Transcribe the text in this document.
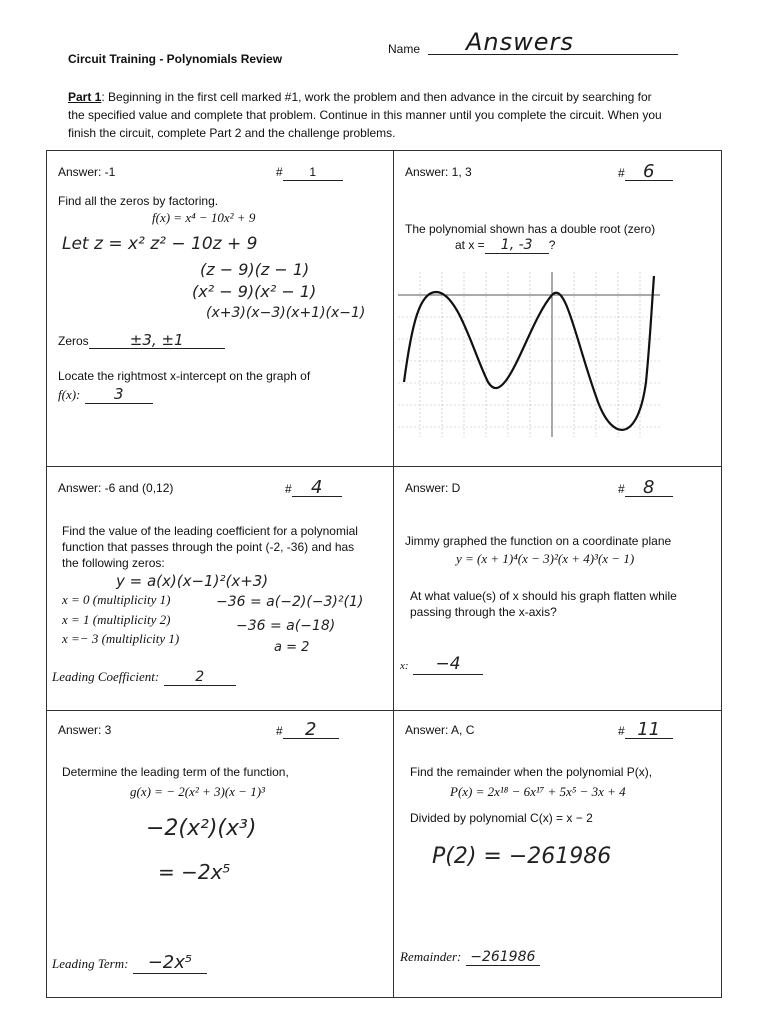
Circuit Training - Polynomials Review
Name Answers
Part 1: Beginning in the first cell marked #1, work the problem and then advance in the circuit by searching for the specified value and complete that problem. Continue in this manner until you complete the circuit. When you finish the circuit, complete Part 2 and the challenge problems.
Answer: -1	# 1
Find all the zeros by factoring.
f(x) = x⁴ − 10x² + 9
Let z = x² z² − 10z + 9
(z − 9)(z − 1)
(x² − 9)(x² − 1)
(x+3)(x−3)(x+1)(x−1)
Zeros	±3, ±1
Locate the rightmost x-intercept on the graph of
f(x): 3
Answer: 1, 3	# 6
The polynomial shown has a double root (zero)
at x = 1, -3 ?
Answer: -6 and (0,12)	# 4
Find the value of the leading coefficient for a polynomial function that passes through the point (-2, -36) and has the following zeros:
y = a(x)(x−1)²(x+3)
x = 0 (multiplicity 1)
x = 1 (multiplicity 2)
x =− 3 (multiplicity 1)
−36 = a(−2)(−3)²(1)
−36 = a(−18)
a = 2
Leading Coefficient:	2
Answer: D	# 8
Jimmy graphed the function on a coordinate plane
y = (x + 1)⁴(x − 3)²(x + 4)³(x − 1)
At what value(s) of x should his graph flatten while passing through the x-axis?
x: −4
Answer: 3	# 2
Determine the leading term of the function,
g(x) = − 2(x² + 3)(x − 1)³
−2(x²)(x³)
= −2x⁵
Leading Term: −2x⁵
Answer: A, C	# 11
Find the remainder when the polynomial P(x),
P(x) = 2x¹⁸ − 6x¹⁷ + 5x⁵ − 3x + 4
Divided by polynomial C(x) = x − 2
P(2) = −261986
Remainder: −261986
